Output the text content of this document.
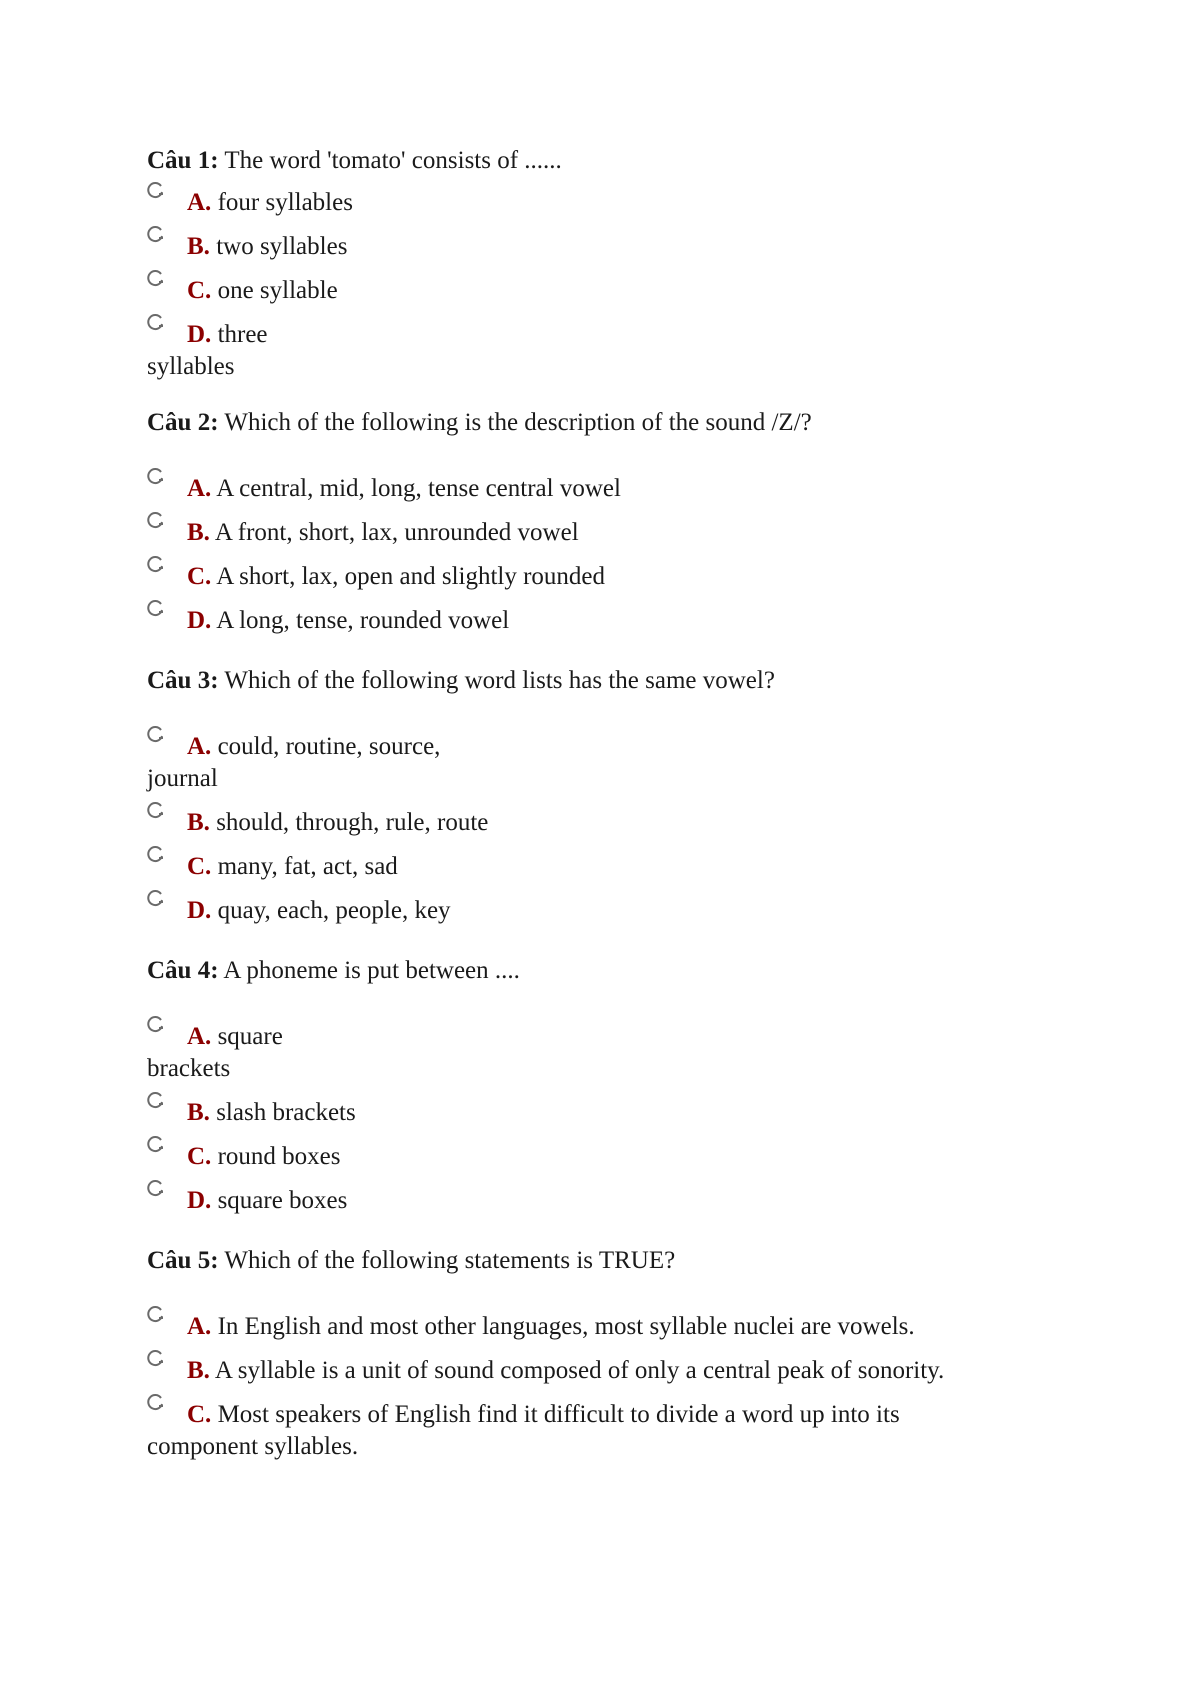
Câu 1: The word 'tomato' consists of ......

A. four syllables
B. two syllables
C. one syllable
D. three
syllables

Câu 2: Which of the following is the description of the sound /Z/?

A. A central, mid, long, tense central vowel
B. A front, short, lax, unrounded vowel
C. A short, lax, open and slightly rounded
D. A long, tense, rounded vowel

Câu 3: Which of the following word lists has the same vowel?

A. could, routine, source,
journal
B. should, through, rule, route
C. many, fat, act, sad
D. quay, each, people, key

Câu 4: A phoneme is put between ....

A. square
brackets
B. slash brackets
C. round boxes
D. square boxes

Câu 5: Which of the following statements is TRUE?

A. In English and most other languages, most syllable nuclei are vowels.
B. A syllable is a unit of sound composed of only a central peak of sonority.
C. Most speakers of English find it difficult to divide a word up into its
component syllables.
